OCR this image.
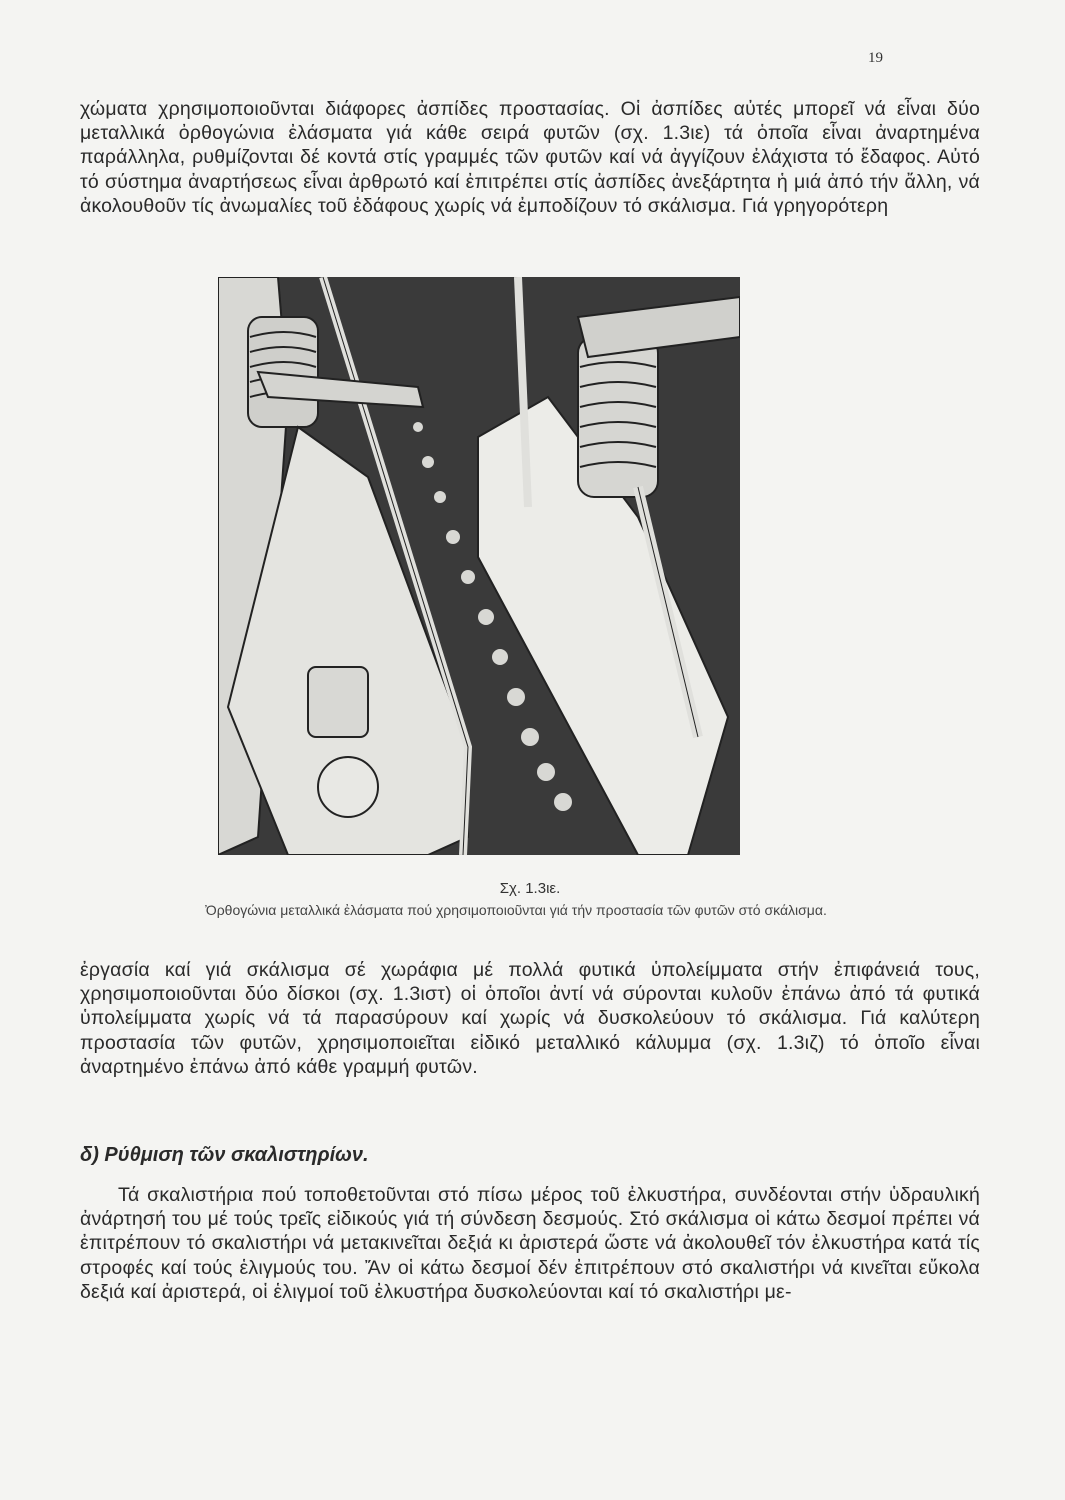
19

χώματα χρησιμοποιοῦνται διάφορες ἀσπίδες προστασίας. Οἱ ἀσπίδες αὐτές μπορεῖ νά εἶναι δύο μεταλλικά ὀρθογώνια ἐλάσματα γιά κάθε σειρά φυτῶν (σχ. 1.3ιε) τά ὁποῖα εἶναι ἀναρτημένα παράλληλα, ρυθμίζονται δέ κοντά στίς γραμμές τῶν φυτῶν καί νά ἀγγίζουν ἐλάχιστα τό ἔδαφος. Αὐτό τό σύστημα ἀναρτήσεως εἶναι ἀρθρωτό καί ἐπιτρέπει στίς ἀσπίδες ἀνεξάρτητα ἡ μιά ἀπό τήν ἄλλη, νά ἀκολουθοῦν τίς ἀνωμαλίες τοῦ ἐδάφους χωρίς νά ἐμποδίζουν τό σκάλισμα. Γιά γρηγορότερη

Σχ. 1.3ιε.
Ὀρθογώνια μεταλλικά ἐλάσματα πού χρησιμοποιοῦνται γιά τήν προστασία τῶν φυτῶν στό σκάλισμα.

ἐργασία καί γιά σκάλισμα σέ χωράφια μέ πολλά φυτικά ὑπολείμματα στήν ἐπιφάνειά τους, χρησιμοποιοῦνται δύο δίσκοι (σχ. 1.3ιστ) οἱ ὁποῖοι ἀντί νά σύρονται κυλοῦν ἐπάνω ἀπό τά φυτικά ὑπολείμματα χωρίς νά τά παρασύρουν καί χωρίς νά δυσκολεύουν τό σκάλισμα. Γιά καλύτερη προστασία τῶν φυτῶν, χρησιμοποιεῖται εἰδικό μεταλλικό κάλυμμα (σχ. 1.3ιζ) τό ὁποῖο εἶναι ἀναρτημένο ἐπάνω ἀπό κάθε γραμμή φυτῶν.

δ) Ρύθμιση τῶν σκαλιστηρίων.

Τά σκαλιστήρια πού τοποθετοῦνται στό πίσω μέρος τοῦ ἐλκυστήρα, συνδέονται στήν ὑδραυλική ἀνάρτησή του μέ τούς τρεῖς εἰδικούς γιά τή σύνδεση δεσμούς. Στό σκάλισμα οἱ κάτω δεσμοί πρέπει νά ἐπιτρέπουν τό σκαλιστήρι νά μετακινεῖται δεξιά κι ἀριστερά ὥστε νά ἀκολουθεῖ τόν ἐλκυστήρα κατά τίς στροφές καί τούς ἑλιγμούς του. Ἄν οἱ κάτω δεσμοί δέν ἐπιτρέπουν στό σκαλιστήρι νά κινεῖται εὔκολα δεξιά καί ἀριστερά, οἱ ἑλιγμοί τοῦ ἐλκυστήρα δυσκολεύονται καί τό σκαλιστήρι με-
